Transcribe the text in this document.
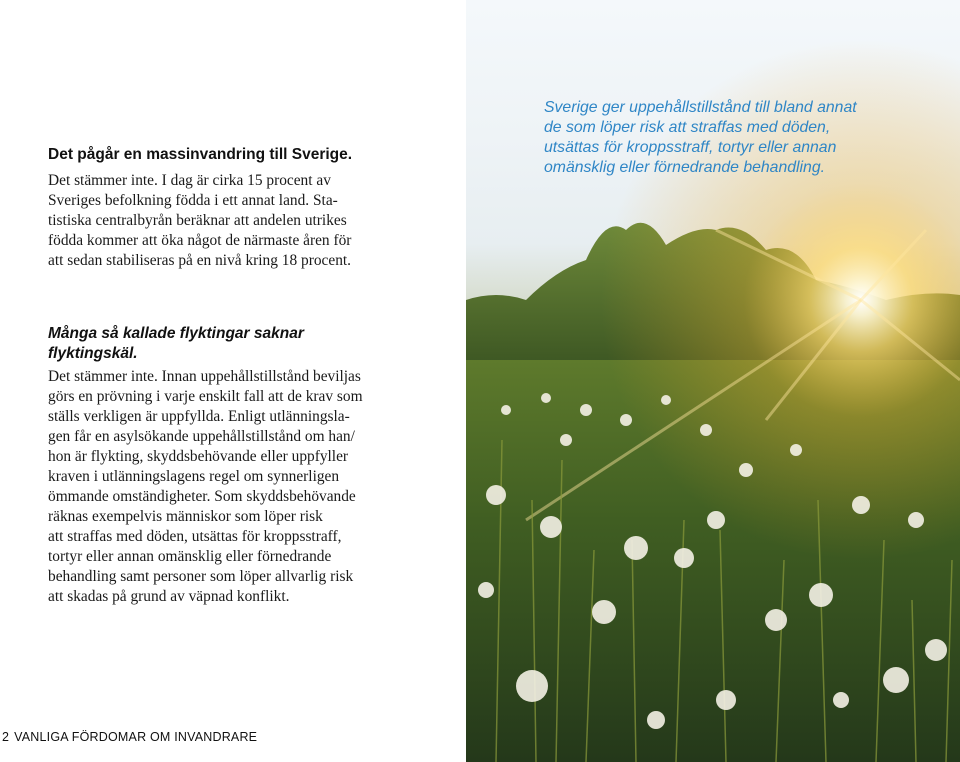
Det pågår en massinvandring till Sverige.

Det stämmer inte. I dag är cirka 15 procent av
Sveriges befolkning födda i ett annat land. Sta-
tistiska centralbyrån beräknar att andelen utrikes
födda kommer att öka något de närmaste åren för
att sedan stabiliseras på en nivå kring 18 procent.

Många så kallade flyktingar saknar
flyktingskäl.

Det stämmer inte. Innan uppehållstillstånd beviljas
görs en prövning i varje enskilt fall att de krav som
ställs verkligen är uppfyllda. Enligt utlänningsla-
gen får en asylsökande uppehållstillstånd om han/
hon är flykting, skyddsbehövande eller uppfyller
kraven i utlänningslagens regel om synnerligen
ömmande omständigheter. Som skyddsbehövande
räknas exempelvis människor som löper risk
att straffas med döden, utsättas för kroppsstraff,
tortyr eller annan omänsklig eller förnedrande
behandling samt personer som löper allvarlig risk
att skadas på grund av väpnad konflikt.
2 VANLIGA FÖRDOMAR OM INVANDRARE
Sverige ger uppehållstillstånd till bland annat
de som löper risk att straffas med döden,
utsättas för kroppsstraff, tortyr eller annan
omänsklig eller förnedrande behandling.
